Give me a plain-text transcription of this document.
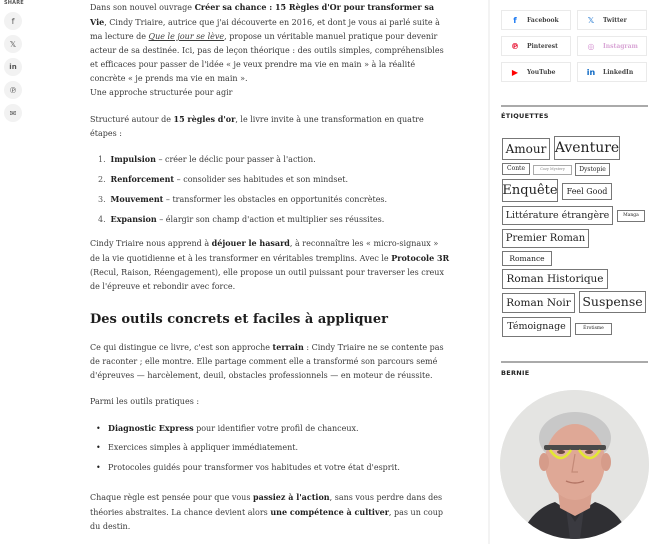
SHARE
f
𝕏
in
℗
✉

Dans son nouvel ouvrage Créer sa chance : 15 Règles d'Or pour transformer sa Vie, Cindy Triaire, autrice que j'ai découverte en 2016, et dont je vous ai parlé suite à ma lecture de Que le jour se lève, propose un véritable manuel pratique pour devenir acteur de sa destinée. Ici, pas de leçon théorique : des outils simples, compréhensibles et efficaces pour passer de l'idée « je veux prendre ma vie en main » à la réalité concrète « je prends ma vie en main ».
Une approche structurée pour agir

Structuré autour de 15 règles d'or, le livre invite à une transformation en quatre étapes :

1. Impulsion – créer le déclic pour passer à l'action.
2. Renforcement – consolider ses habitudes et son mindset.
3. Mouvement – transformer les obstacles en opportunités concrètes.
4. Expansion – élargir son champ d'action et multiplier ses réussites.

Cindy Triaire nous apprend à déjouer le hasard, à reconnaître les « micro-signaux » de la vie quotidienne et à les transformer en véritables tremplins. Avec le Protocole 3R (Recul, Raison, Réengagement), elle propose un outil puissant pour traverser les creux de l'épreuve et rebondir avec force.

Des outils concrets et faciles à appliquer

Ce qui distingue ce livre, c'est son approche terrain : Cindy Triaire ne se contente pas de raconter ; elle montre. Elle partage comment elle a transformé son parcours semé d'épreuves — harcèlement, deuil, obstacles professionnels — en moteur de réussite.

Parmi les outils pratiques :

• Diagnostic Express pour identifier votre profil de chanceux.
• Exercices simples à appliquer immédiatement.
• Protocoles guidés pour transformer vos habitudes et votre état d'esprit.

Chaque règle est pensée pour que vous passiez à l'action, sans vous perdre dans des théories abstraites. La chance devient alors une compétence à cultiver, pas un coup du destin.

f	Facebook	𝕏	Twitter
℗	Pinterest	◎	Instagram
▶	YouTube	in LinkedIn
ÉTIQUETTES
Amour Aventure
Conte	Cozy Mystery	Dystopie
Enquête	Feel Good
Littérature étrangère	Manga
Premier Roman
Romance
Roman Historique
Roman Noir Suspense
Témoignage	Érotisme
BERNIE
